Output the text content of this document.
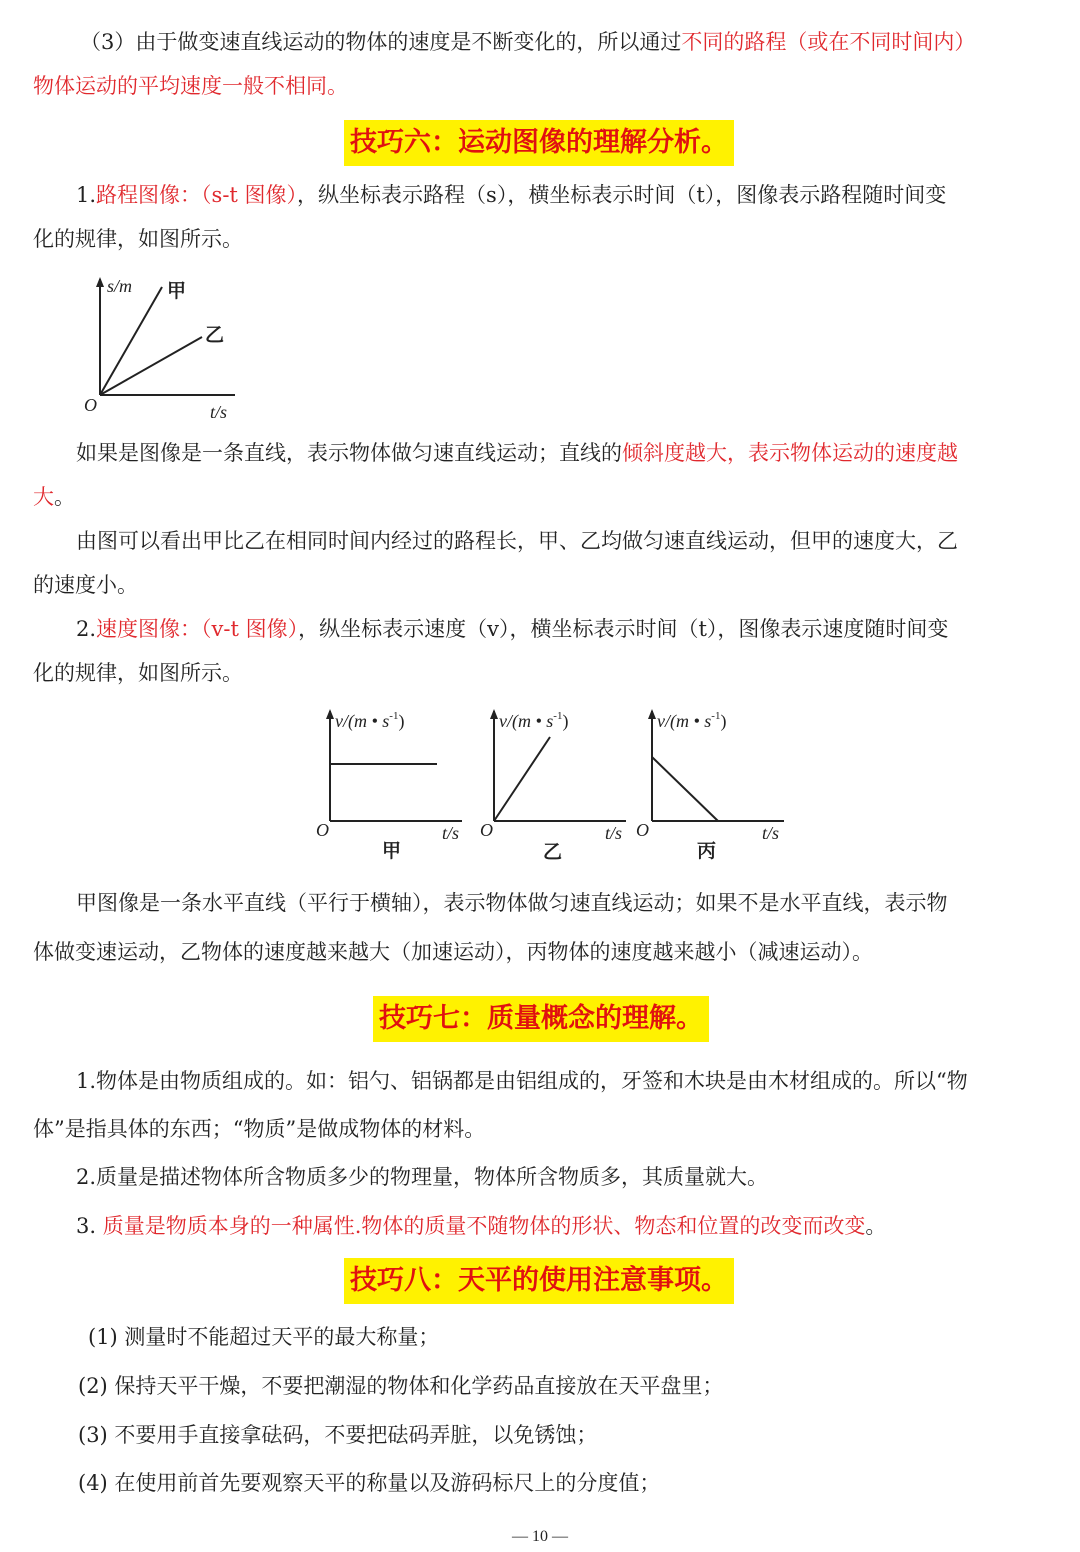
（3）由于做变速直线运动的物体的速度是不断变化的，所以通过不同的路程（或在不同时间内）
物体运动的平均速度一般不相同。
技巧六：运动图像的理解分析。
1.路程图像：（s-t 图像），纵坐标表示路程（s），横坐标表示时间（t），图像表示路程随时间变
化的规律，如图所示。
s/m 甲
乙
O	t/s
如果是图像是一条直线，表示物体做匀速直线运动；直线的倾斜度越大，表示物体运动的速度越
大。
由图可以看出甲比乙在相同时间内经过的路程长，甲、乙均做匀速直线运动，但甲的速度大，乙
的速度小。
2.速度图像：（v-t 图像），纵坐标表示速度（v），横坐标表示时间（t），图像表示速度随时间变
化的规律，如图所示。
v/(m • $s^{-1}$)
O	t/s
甲
v/(m • $s^{-1}$)
O	t/s
乙
v/(m • $s^{-1}$)
O	t/s
丙
甲图像是一条水平直线（平行于横轴），表示物体做匀速直线运动；如果不是水平直线，表示物
体做变速运动，乙物体的速度越来越大（加速运动），丙物体的速度越来越小（减速运动）。
技巧七：质量概念的理解。
1.物体是由物质组成的。如：铝勺、铝锅都是由铝组成的，牙签和木块是由木材组成的。所以“物
体”是指具体的东西；“物质”是做成物体的材料。
2.质量是描述物体所含物质多少的物理量，物体所含物质多，其质量就大。
3. 质量是物质本身的一种属性.物体的质量不随物体的形状、物态和位置的改变而改变。
技巧八：天平的使用注意事项。
(1) 测量时不能超过天平的最大称量；
(2) 保持天平干燥，不要把潮湿的物体和化学药品直接放在天平盘里；
(3) 不要用手直接拿砝码，不要把砝码弄脏，以免锈蚀；
(4) 在使用前首先要观察天平的称量以及游码标尺上的分度值；
— 10 —
